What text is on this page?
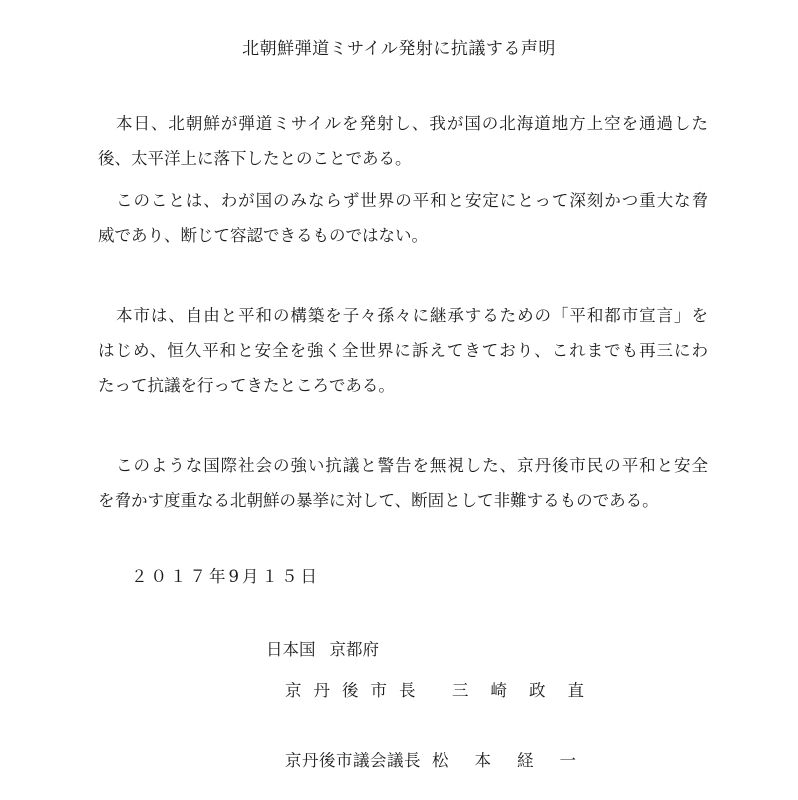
北朝鮮弾道ミサイル発射に抗議する声明

本日、北朝鮮が弾道ミサイルを発射し、我が国の北海道地方上空を通過した
後、太平洋上に落下したとのことである。

このことは、わが国のみならず世界の平和と安定にとって深刻かつ重大な脅
威であり、断じて容認できるものではない。

本市は、自由と平和の構築を子々孫々に継承するための「平和都市宣言」を
はじめ、恒久平和と安全を強く全世界に訴えてきており、これまでも再三にわ
たって抗議を行ってきたところである。

このような国際社会の強い抗議と警告を無視した、京丹後市民の平和と安全
を脅かす度重なる北朝鮮の暴挙に対して、断固として非難するものである。

２０１７年9月１５日
日本国 京都府
京丹後市長 三崎政直
京丹後市議会議長 松本経一
